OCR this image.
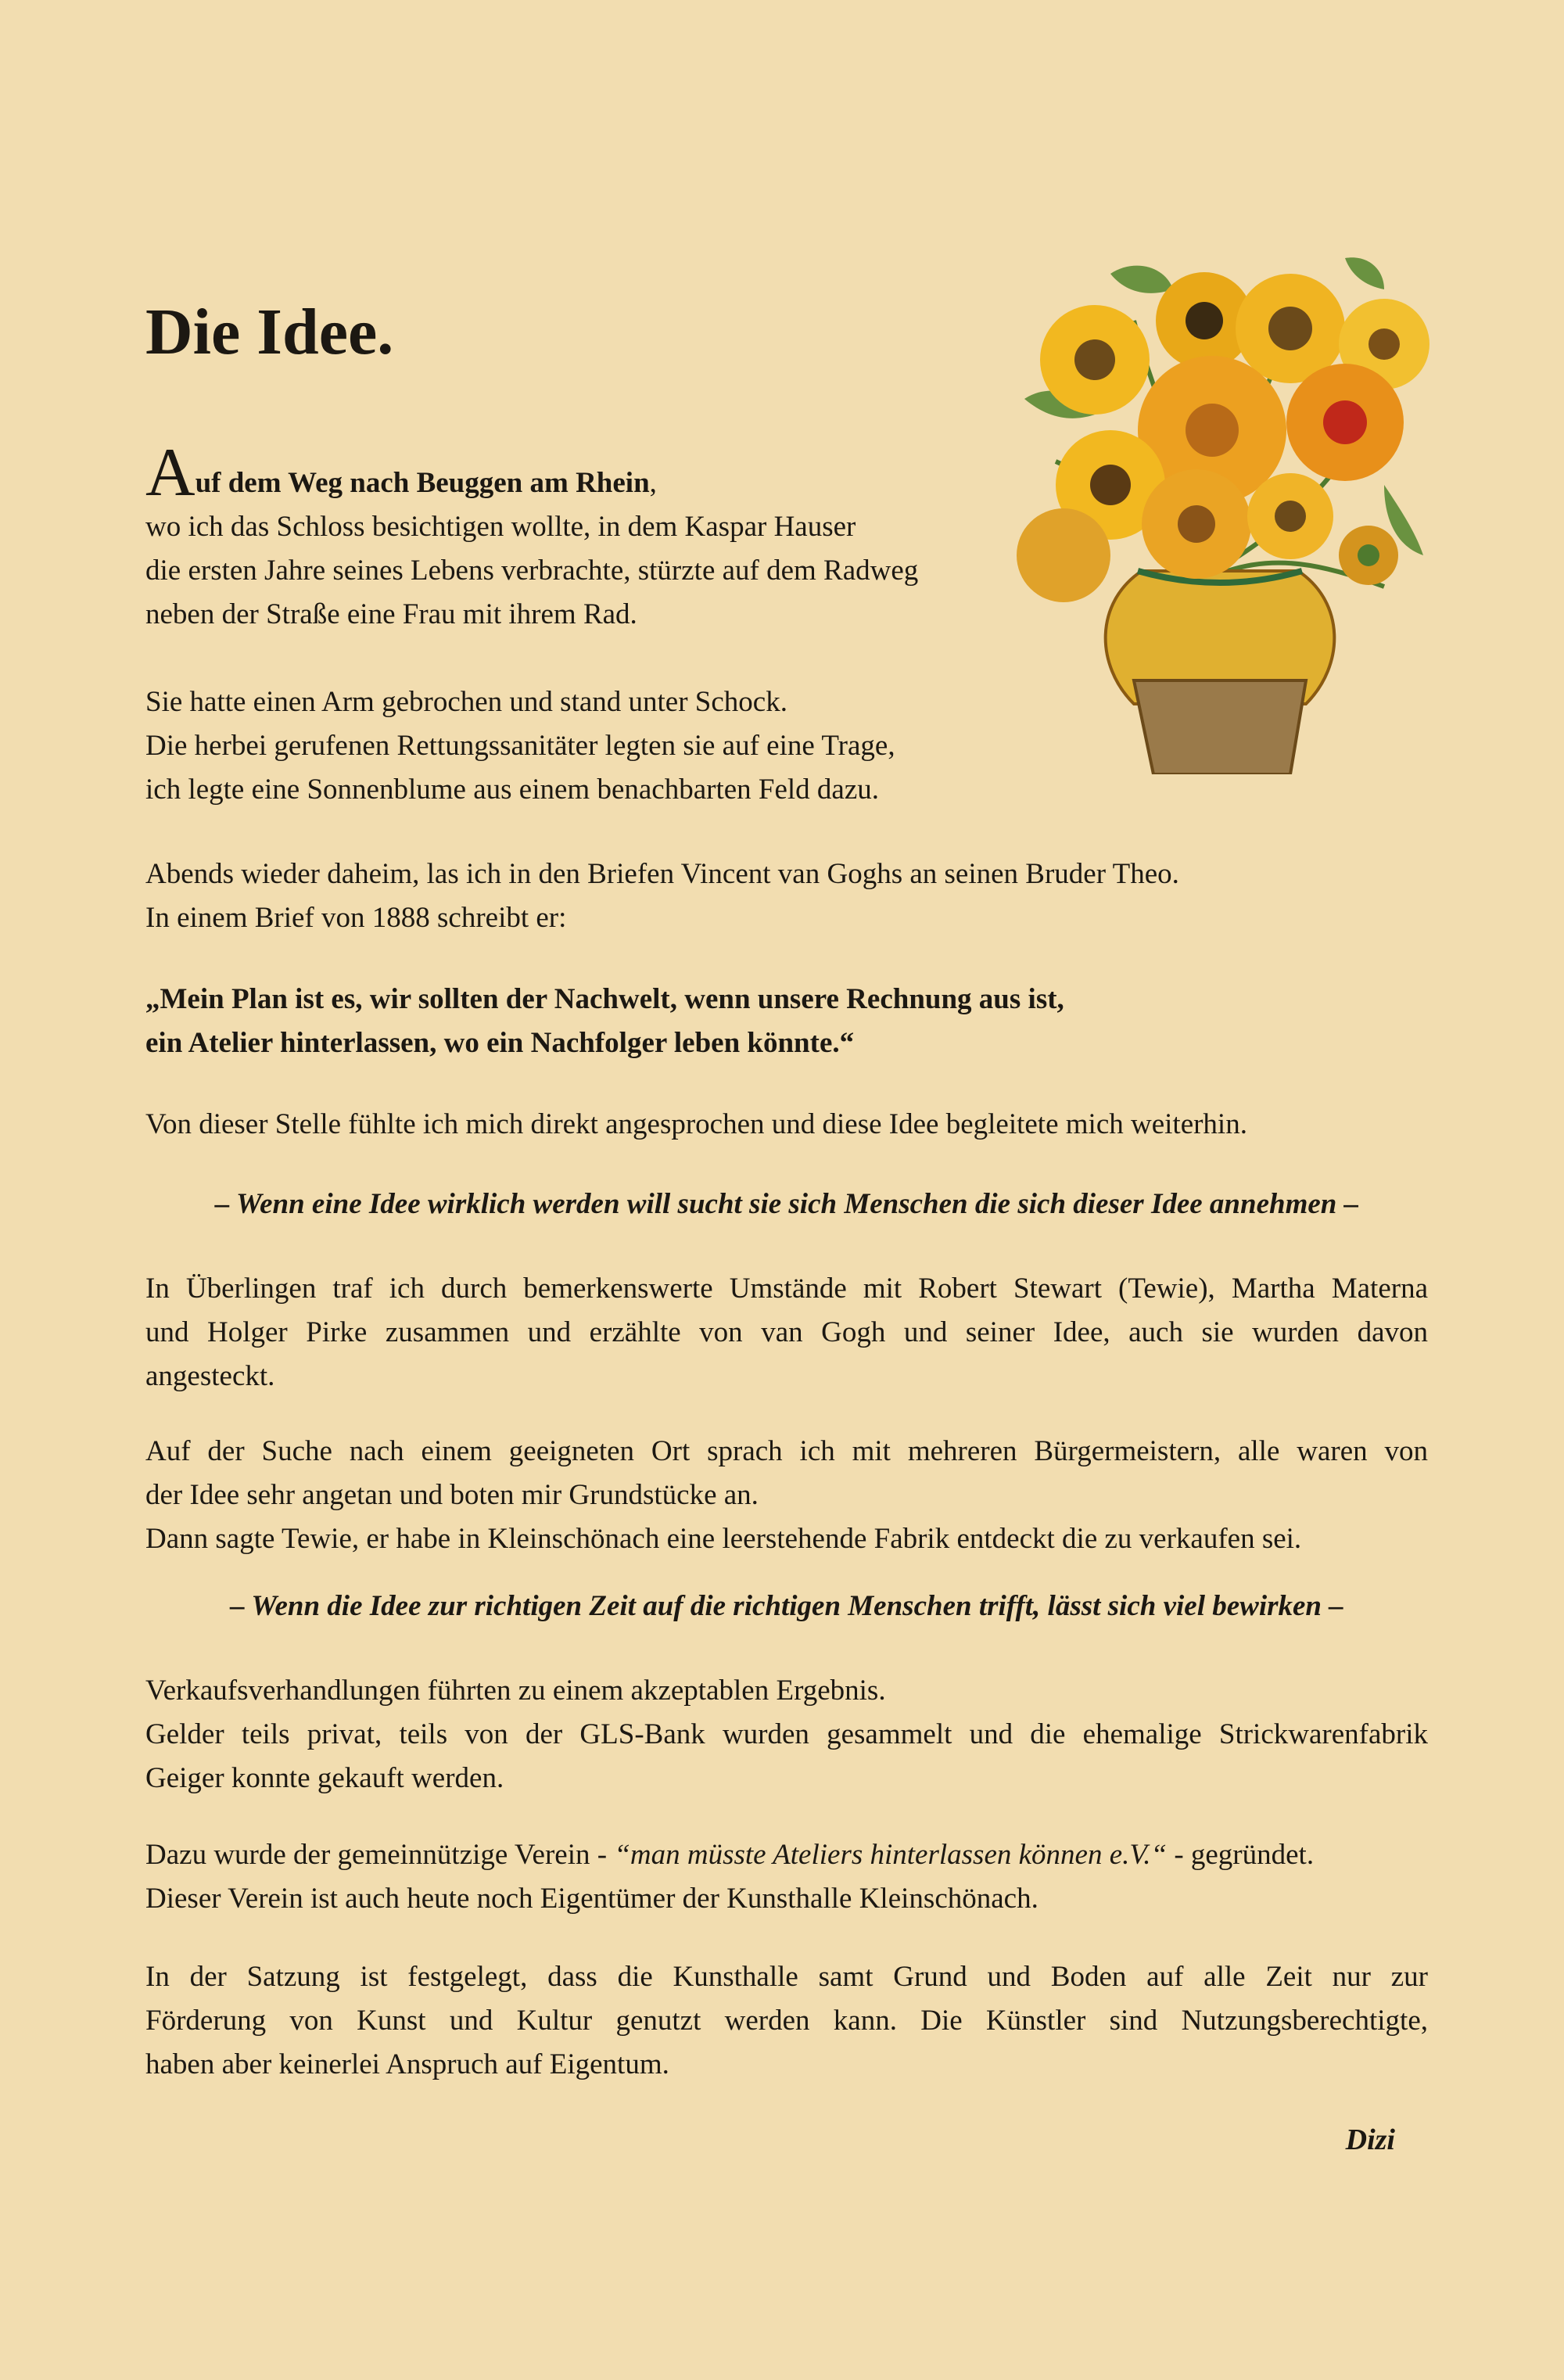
Die Idee.

Auf dem Weg nach Beuggen am Rhein,
wo ich das Schloss besichtigen wollte, in dem Kaspar Hauser
die ersten Jahre seines Lebens verbrachte, stürzte auf dem Radweg
neben der Straße eine Frau mit ihrem Rad.

Sie hatte einen Arm gebrochen und stand unter Schock.
Die herbei gerufenen Rettungssanitäter legten sie auf eine Trage,
ich legte eine Sonnenblume aus einem benachbarten Feld dazu.

Abends wieder daheim, las ich in den Briefen Vincent van Goghs an seinen Bruder Theo.
In einem Brief von 1888 schreibt er:

„Mein Plan ist es, wir sollten der Nachwelt, wenn unsere Rechnung aus ist,
ein Atelier hinterlassen, wo ein Nachfolger leben könnte.“

Von dieser Stelle fühlte ich mich direkt angesprochen und diese Idee begleitete mich weiterhin.

– Wenn eine Idee wirklich werden will sucht sie sich Menschen die sich dieser Idee annehmen –

In Überlingen traf ich durch bemerkenswerte Umstände mit Robert Stewart (Tewie), Martha Materna
und Holger Pirke zusammen und erzählte von van Gogh und seiner Idee, auch sie wurden davon
angesteckt.

Auf der Suche nach einem geeigneten Ort sprach ich mit mehreren Bürgermeistern, alle waren von
der Idee sehr angetan und boten mir Grundstücke an.
Dann sagte Tewie, er habe in Kleinschönach eine leerstehende Fabrik entdeckt die zu verkaufen sei.

– Wenn die Idee zur richtigen Zeit auf die richtigen Menschen trifft, lässt sich viel bewirken –

Verkaufsverhandlungen führten zu einem akzeptablen Ergebnis.
Gelder teils privat, teils von der GLS-Bank wurden gesammelt und die ehemalige Strickwarenfabrik
Geiger konnte gekauft werden.

Dazu wurde der gemeinnützige Verein - “man müsste Ateliers hinterlassen können e.V.“ - gegründet.
Dieser Verein ist auch heute noch Eigentümer der Kunsthalle Kleinschönach.

In der Satzung ist festgelegt, dass die Kunsthalle samt Grund und Boden auf alle Zeit nur zur
Förderung von Kunst und Kultur genutzt werden kann. Die Künstler sind Nutzungsberechtigte,
haben aber keinerlei Anspruch auf Eigentum.

Dizi
